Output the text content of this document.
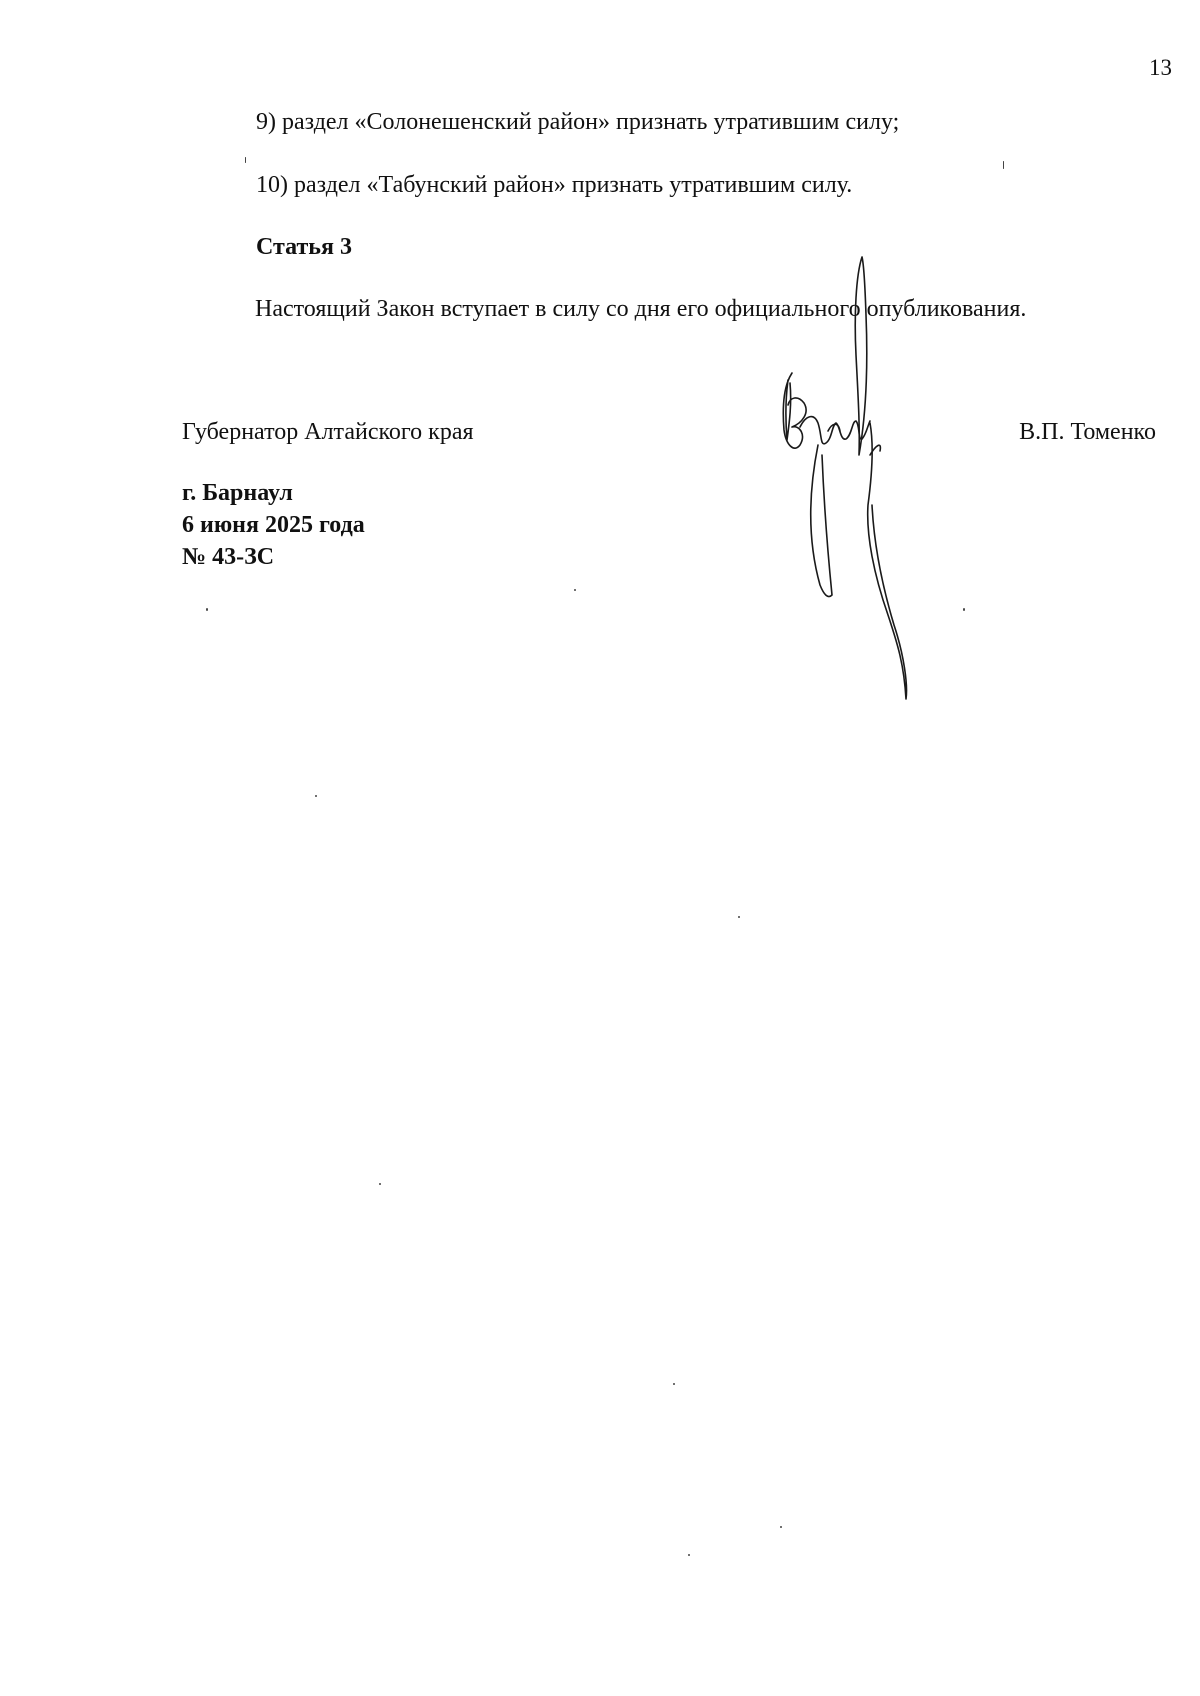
13
9) раздел «Солонешенский район» признать утратившим силу;
10) раздел «Табунский район» признать утратившим силу.
Статья 3
Настоящий Закон вступает в силу со дня его официального опубликования.
Губернатор Алтайского края	В.П. Томенко
г. Барнаул
6 июня 2025 года
№ 43-ЗС
